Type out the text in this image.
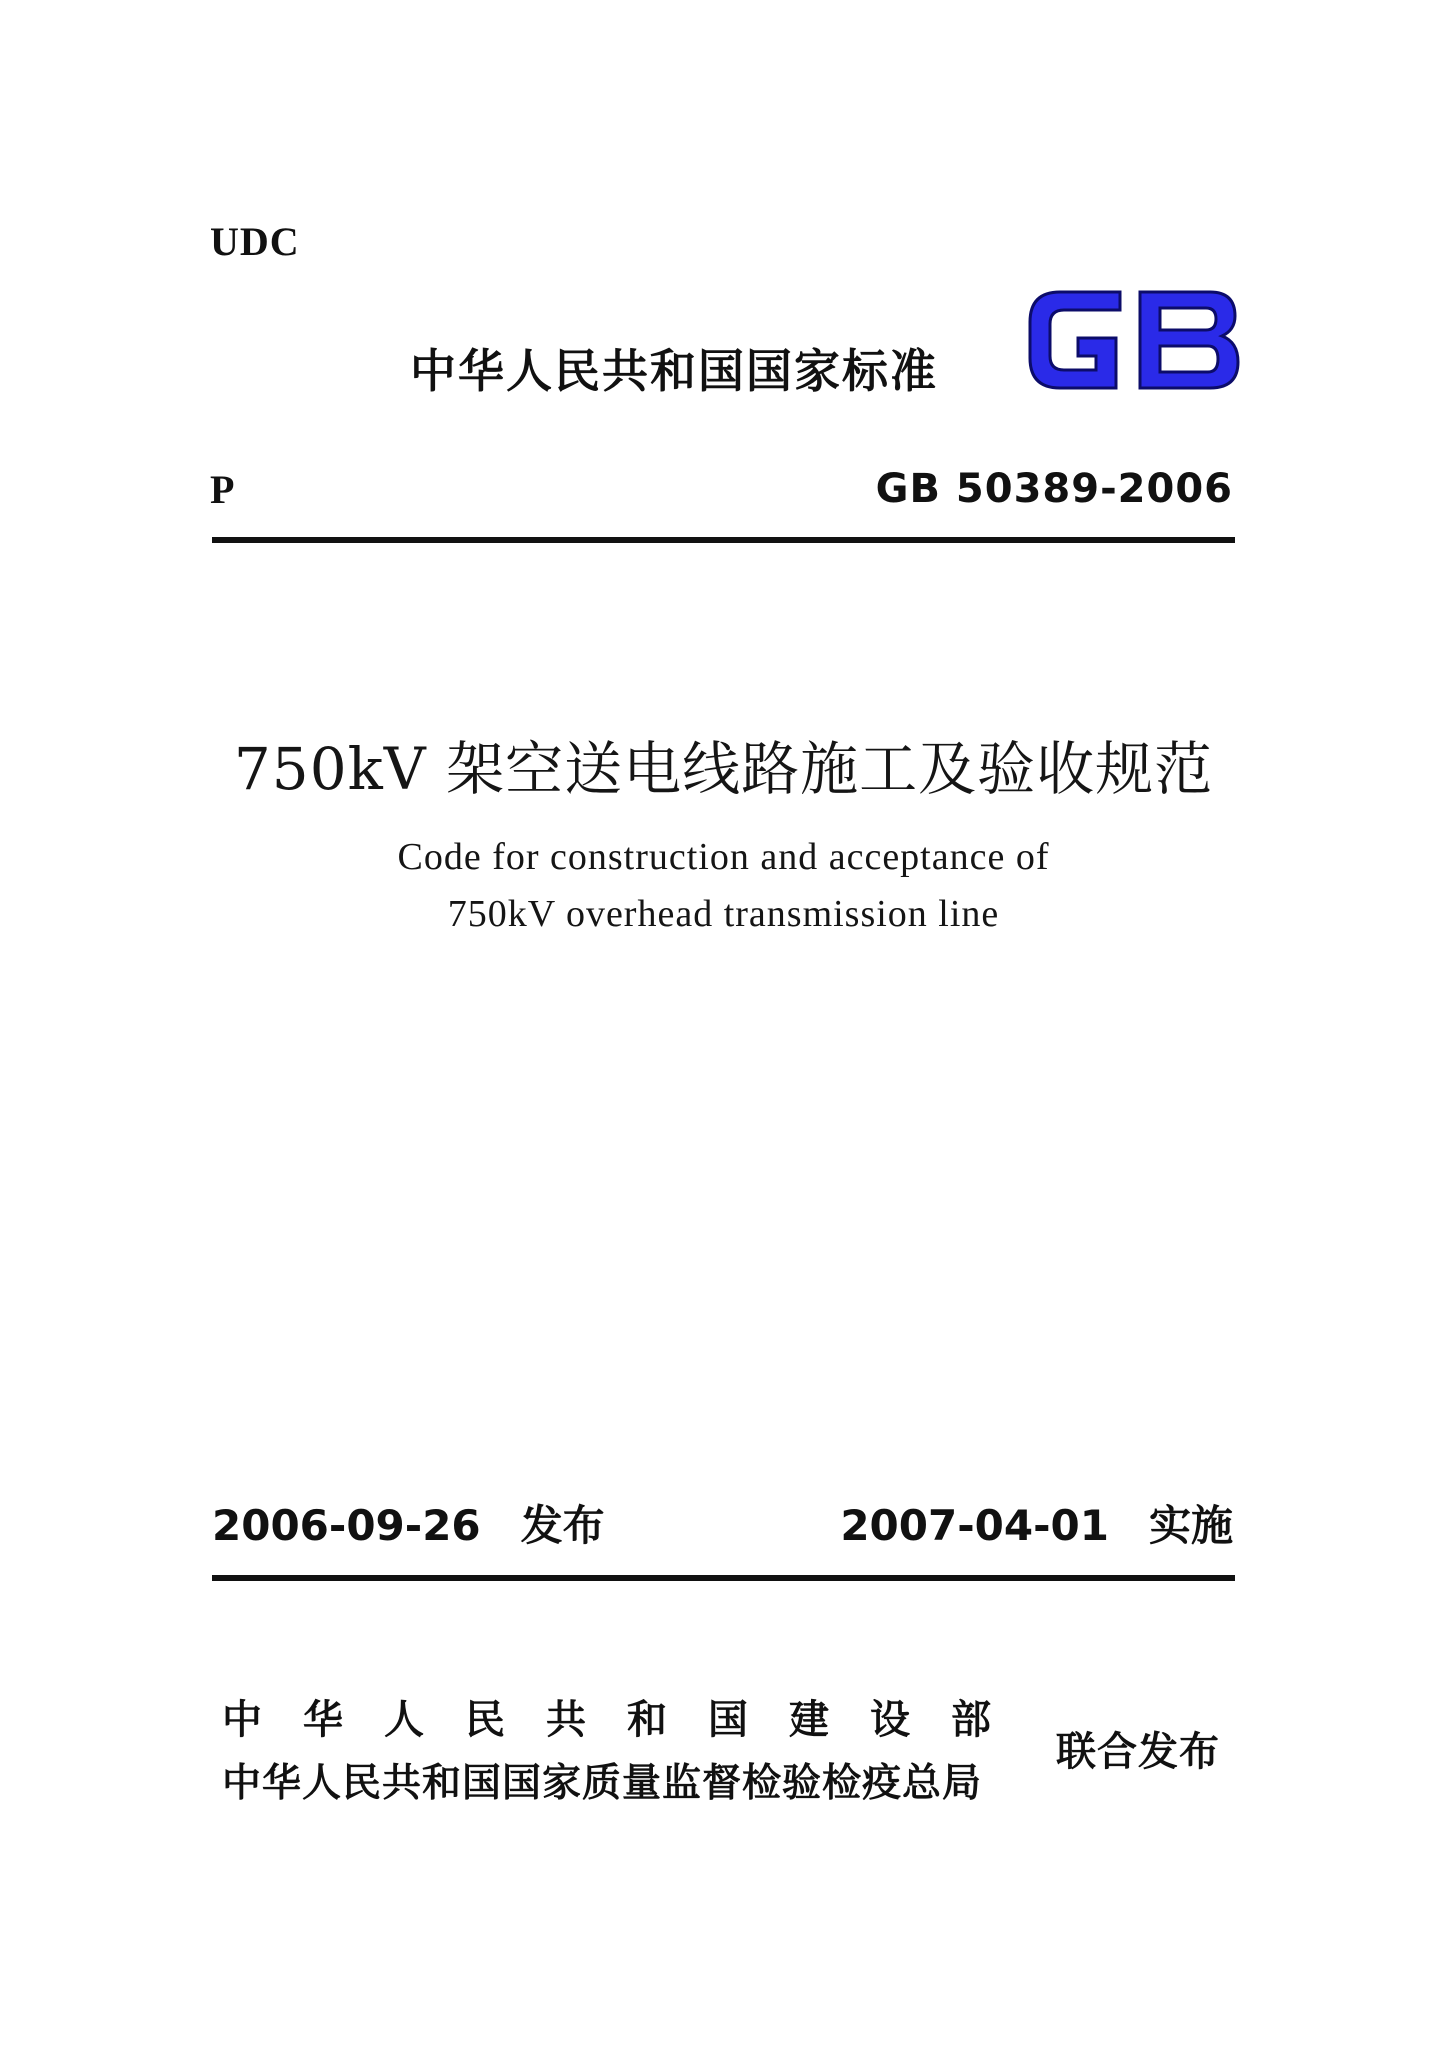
UDC
中华人民共和国国家标准
P	GB 50389-2006
750kV 架空送电线路施工及验收规范
Code for construction and acceptance of
750kV overhead transmission line
2006-09-26 发布	2007-04-01 实施
中华人民共和国建设部
中华人民共和国国家质量监督检验检疫总局
联合发布
